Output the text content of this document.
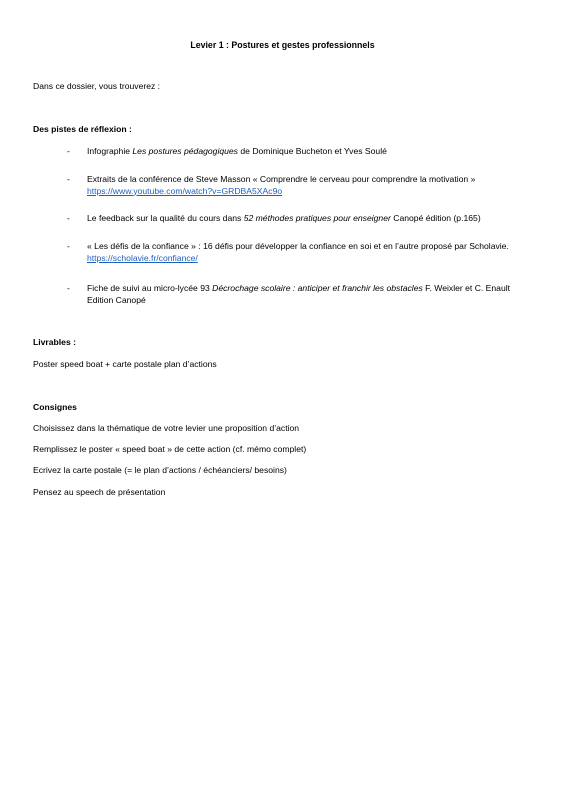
Levier 1 : Postures et gestes professionnels
Dans ce dossier, vous trouverez :
Des pistes de réflexion :
- Infographie Les postures pédagogiques de Dominique Bucheton et Yves Soulé
- Extraits de la conférence de Steve Masson « Comprendre le cerveau pour comprendre la motivation » https://www.youtube.com/watch?v=GRDBA5XAc9o
- Le feedback sur la qualité du cours dans 52 méthodes pratiques pour enseigner Canopé édition (p.165)
- « Les défis de la confiance » : 16 défis pour développer la confiance en soi et en l’autre proposé par Scholavie. https://scholavie.fr/confiance/
- Fiche de suivi au micro-lycée 93 Décrochage scolaire : anticiper et franchir les obstacles F. Weixler et C. Enault Edition Canopé
Livrables :
Poster speed boat + carte postale plan d’actions
Consignes
Choisissez dans la thématique de votre levier une proposition d’action
Remplissez le poster « speed boat » de cette action (cf. mémo complet)
Ecrivez la carte postale (= le plan d’actions / échéanciers/ besoins)
Pensez au speech de présentation
